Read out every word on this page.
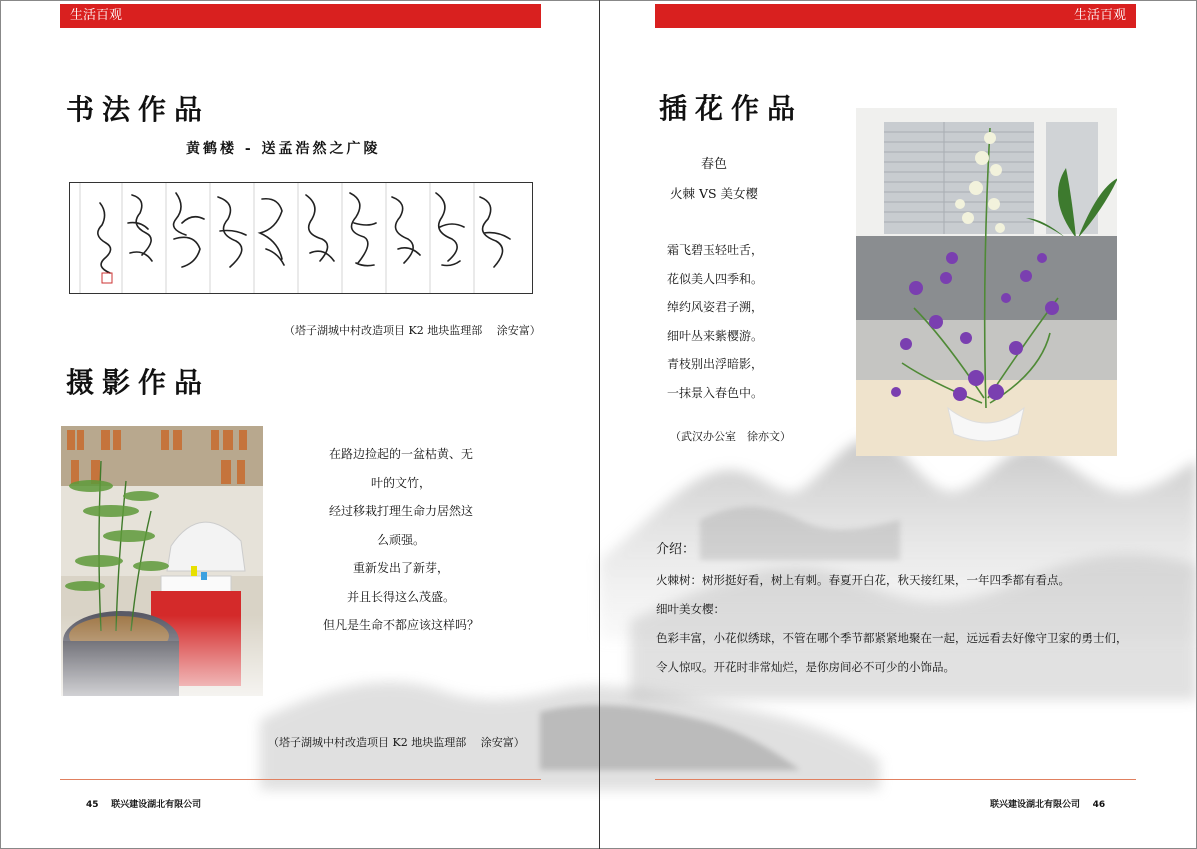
生活百观
书法作品
黄鹤楼 - 送孟浩然之广陵
（塔子湖城中村改造项目 K2 地块监理部　 涂安富）
摄影作品
在路边捡起的一盆枯黄、无
叶的文竹，
经过移栽打理生命力居然这
么顽强。
重新发出了新芽，
并且长得这么茂盛。
但凡是生命不都应该这样吗？
（塔子湖城中村改造项目 K2 地块监理部　 涂安富）
45 联兴建设湖北有限公司
生活百观
插花作品
春色
火棘 VS 美女樱
霜飞碧玉轻吐舌，
花似美人四季和。
绰约风姿君子溯，
细叶丛来紫樱游。
青枝别出浮暗影，
一抹景入春色中。
（武汉办公室　徐亦文）
介绍：
火棘树：树形挺好看，树上有刺。春夏开白花，秋天接红果，一年四季都有看点。
细叶美女樱：
色彩丰富，小花似绣球，不管在哪个季节都紧紧地聚在一起，远远看去好像守卫家的勇士们，
令人惊叹。开花时非常灿烂，是你房间必不可少的小饰品。
联兴建设湖北有限公司 46
